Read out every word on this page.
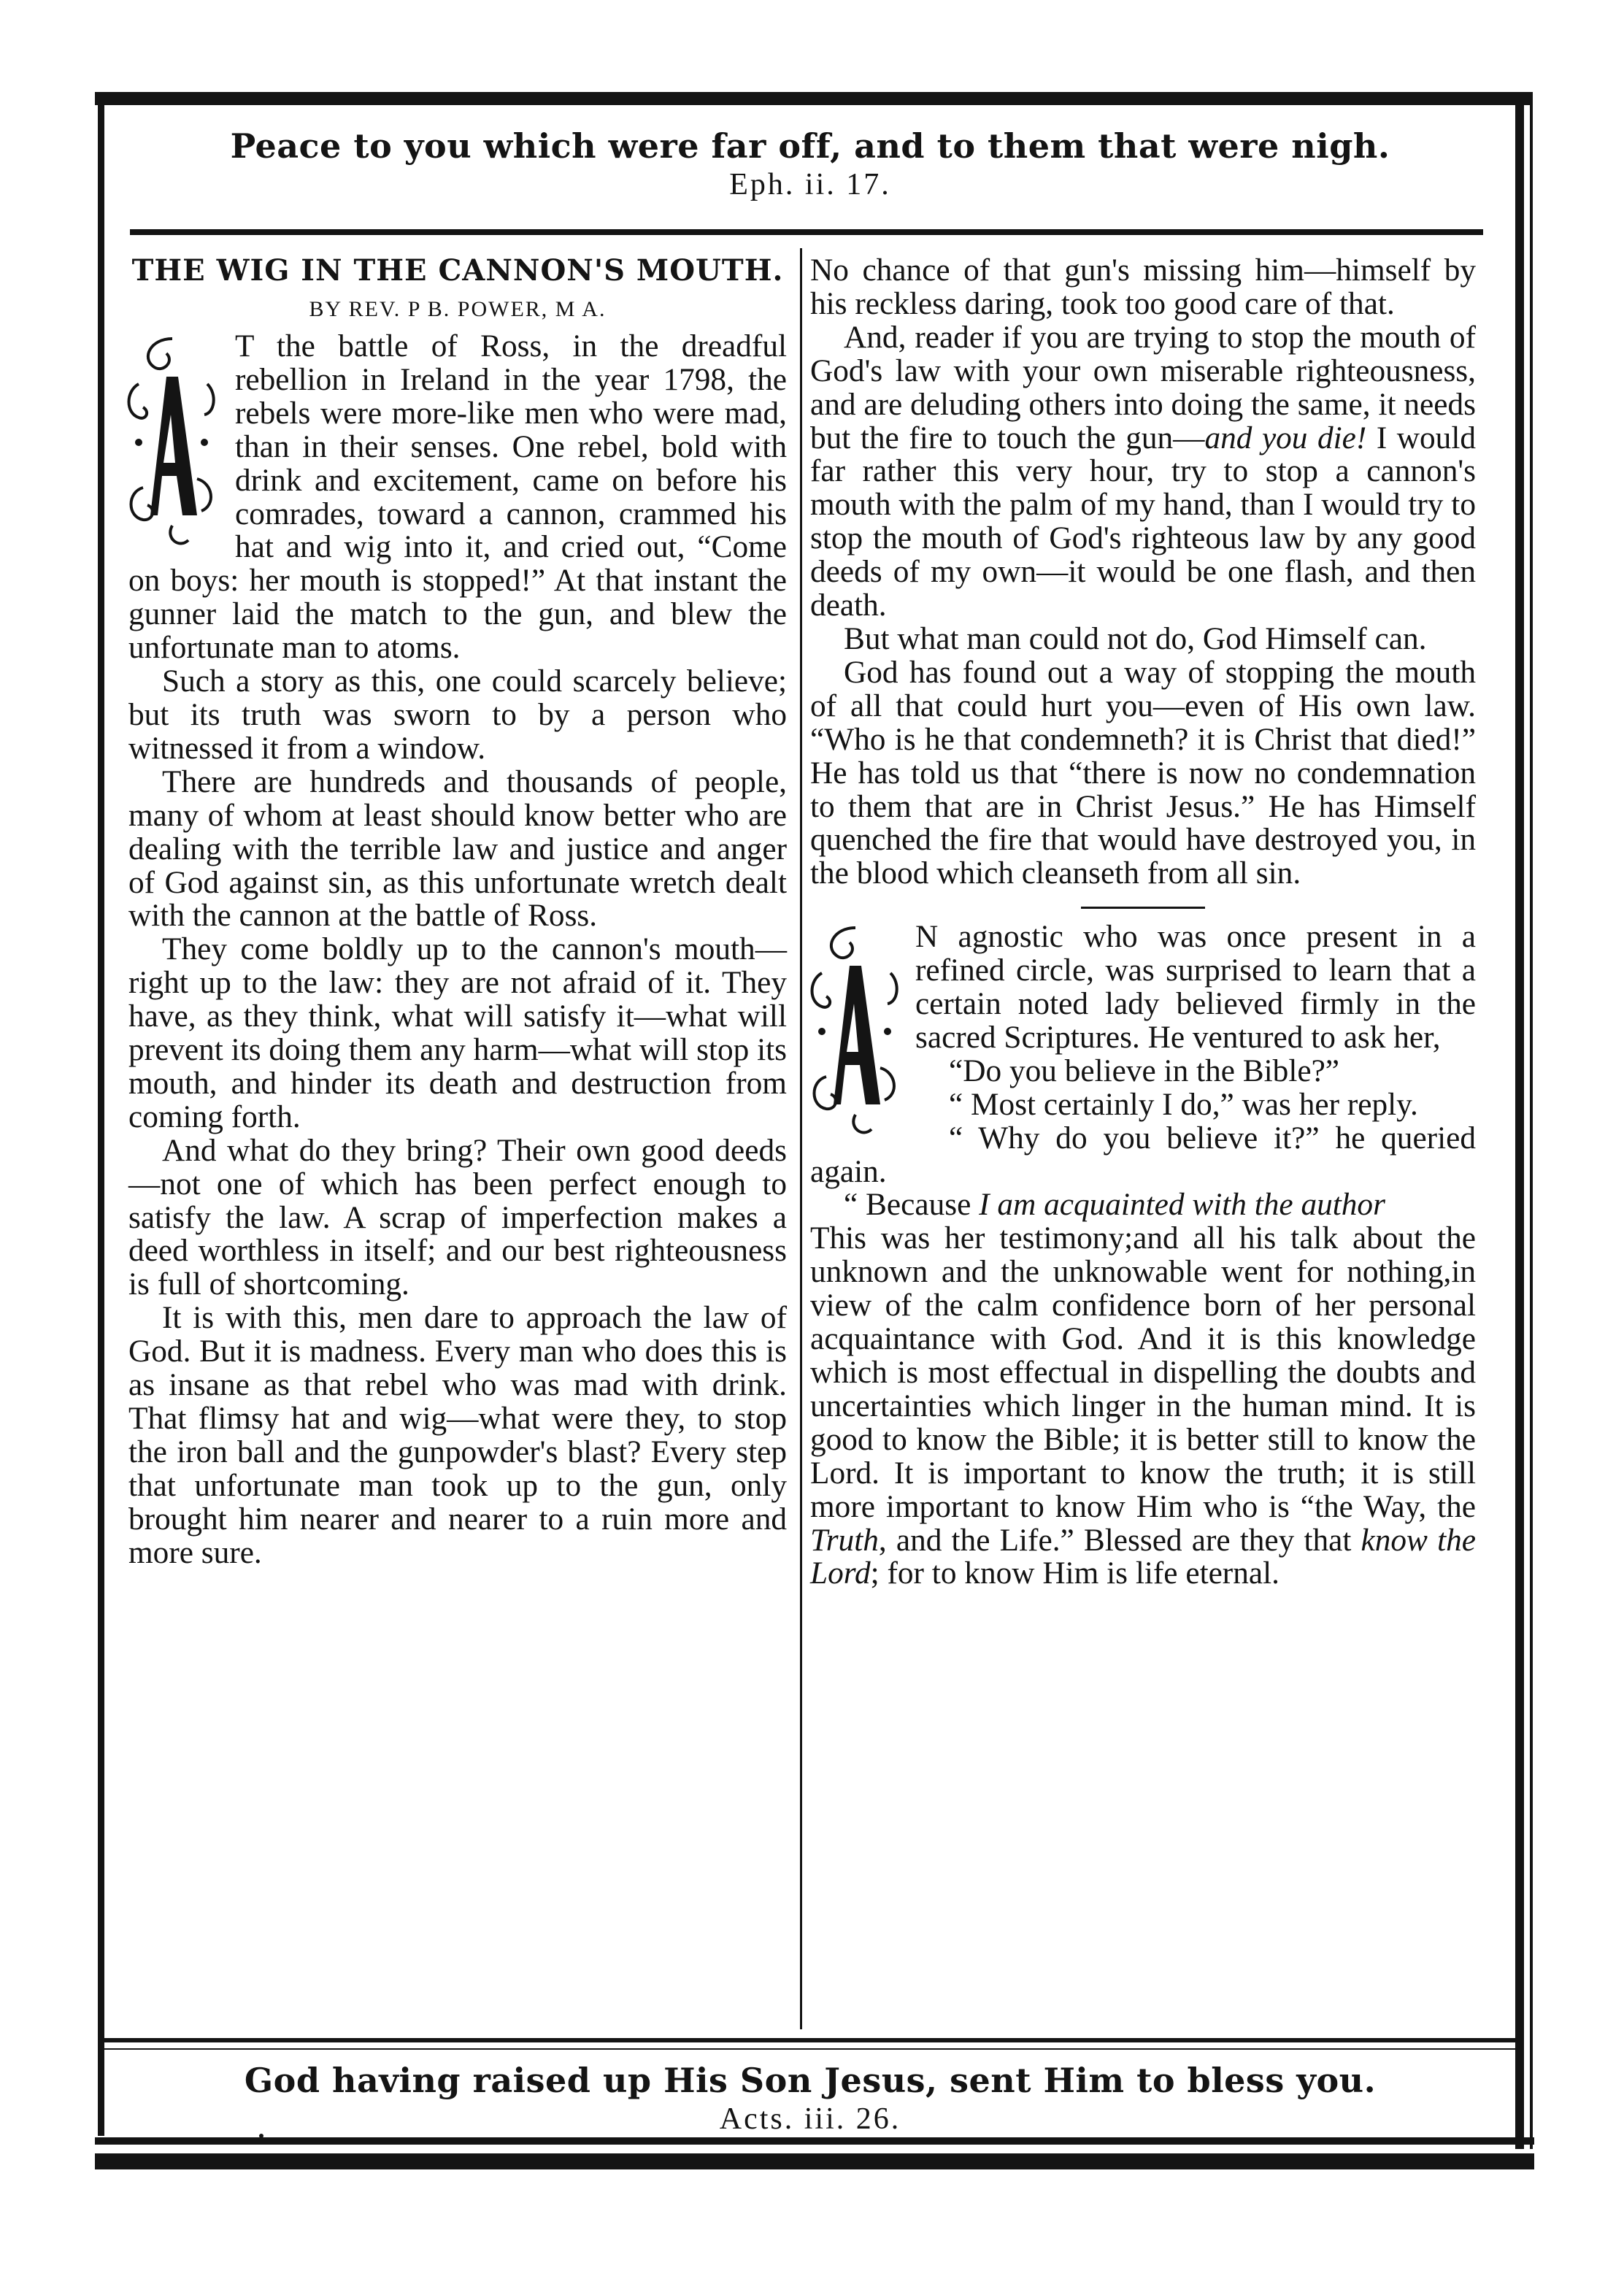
Peace to you which were far off, and to them that were nigh.
Eph. ii. 17.
THE WIG IN THE CANNON'S MOUTH.
BY REV. P B. POWER, M A.

T the battle of Ross, in the dreadful rebellion in Ireland in the year 1798, the rebels were more-like men who were mad, than in their senses. One rebel, bold with drink and excitement, came on before his comrades, toward a cannon, crammed his hat and wig into it, and cried out, “Come on boys: her mouth is stopped!” At that instant the gunner laid the match to the gun, and blew the unfortunate man to atoms.

Such a story as this, one could scarcely believe; but its truth was sworn to by a person who witnessed it from a window.

There are hundreds and thousands of people, many of whom at least should know better who are dealing with the terrible law and justice and anger of God against sin, as this unfortunate wretch dealt with the cannon at the battle of Ross.

They come boldly up to the cannon's mouth—right up to the law: they are not afraid of it. They have, as they think, what will satisfy it—what will prevent its doing them any harm—what will stop its mouth, and hinder its death and destruction from coming forth.

And what do they bring? Their own good deeds—not one of which has been perfect enough to satisfy the law. A scrap of imperfection makes a deed worthless in itself; and our best righteousness is full of shortcoming.

It is with this, men dare to approach the law of God. But it is madness. Every man who does this is as insane as that rebel who was mad with drink. That flimsy hat and wig—what were they, to stop the iron ball and the gunpowder's blast? Every step that unfortunate man took up to the gun, only brought him nearer and nearer to a ruin more and more sure.

No chance of that gun's missing him—himself by his reckless daring, took too good care of that.

And, reader if you are trying to stop the mouth of God's law with your own miserable righteousness, and are deluding others into doing the same, it needs but the fire to touch the gun—and you die! I would far rather this very hour, try to stop a cannon's mouth with the palm of my hand, than I would try to stop the mouth of God's righteous law by any good deeds of my own—it would be one flash, and then death.

But what man could not do, God Himself can.

God has found out a way of stopping the mouth of all that could hurt you—even of His own law. “Who is he that condemneth? it is Christ that died!” He has told us that “there is now no condemnation to them that are in Christ Jesus.” He has Himself quenched the fire that would have destroyed you, in the blood which cleanseth from all sin.

N agnostic who was once present in a refined circle, was surprised to learn that a certain noted lady believed firmly in the sacred Scriptures. He ventured to ask her,

“Do you believe in the Bible?”

“ Most certainly I do,” was her reply.

“ Why do you believe it?” he queried again.

“ Because I am acquainted with the author

This was her testimony;and all his talk about the unknown and the unknowable went for nothing,in view of the calm confidence born of her personal acquaintance with God. And it is this knowledge which is most effectual in dispelling the doubts and uncertainties which linger in the human mind. It is good to know the Bible; it is better still to know the Lord. It is important to know the truth; it is still more important to know Him who is “the Way, the Truth, and the Life.” Blessed are they that know the Lord; for to know Him is life eternal.

God having raised up His Son Jesus, sent Him to bless you.
Acts. iii. 26.
